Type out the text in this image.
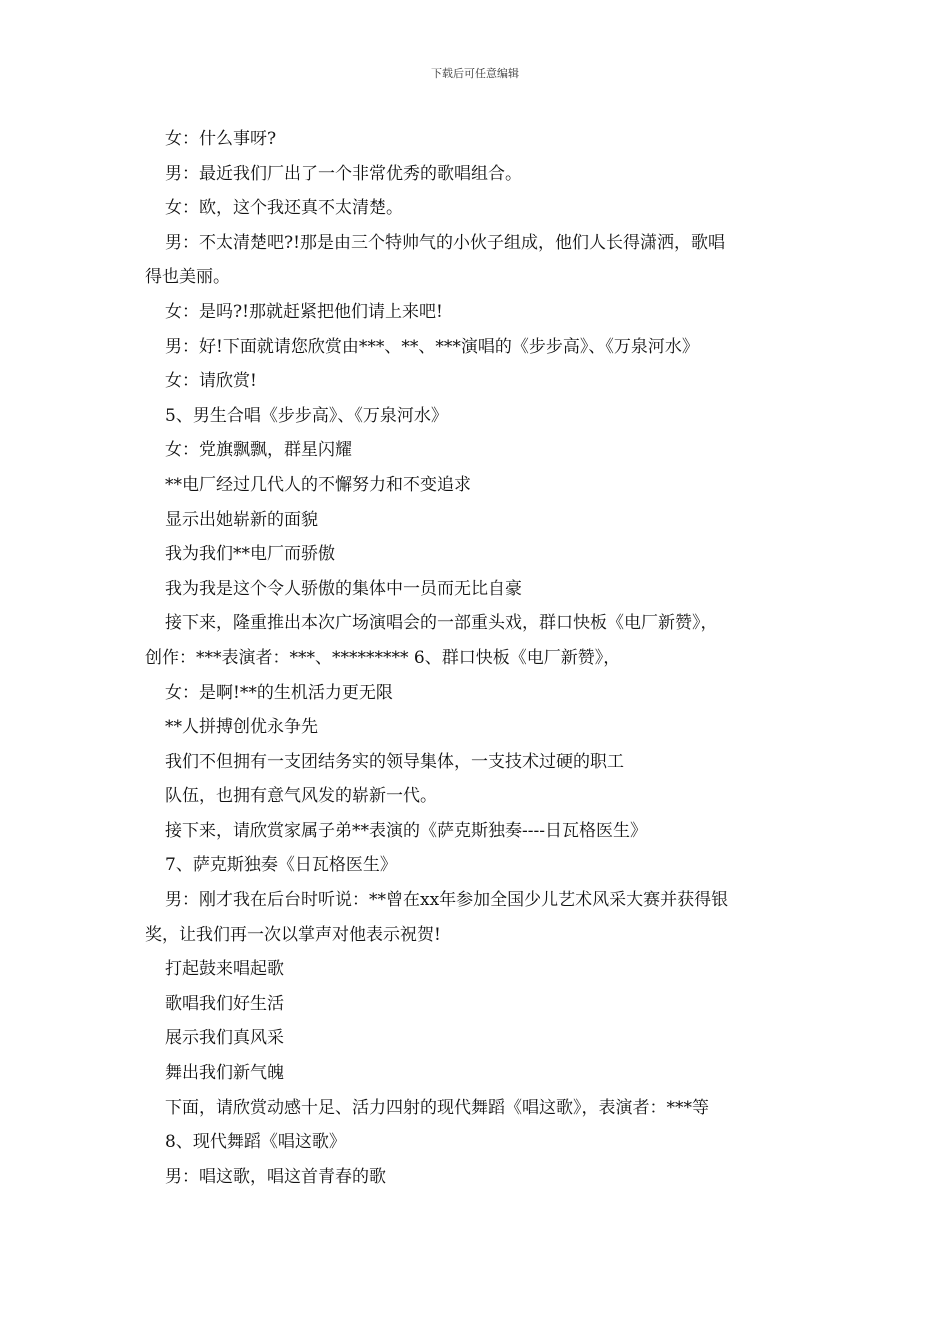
下载后可任意编辑
女：什么事呀?
男：最近我们厂出了一个非常优秀的歌唱组合。
女：欧，这个我还真不太清楚。
男：不太清楚吧?!那是由三个特帅气的小伙子组成，他们人长得潇洒，歌唱
得也美丽。
女：是吗?!那就赶紧把他们请上来吧!
男：好!下面就请您欣赏由***、**、***演唱的《步步高》、《万泉河水》
女：请欣赏!
5、男生合唱《步步高》、《万泉河水》
女：党旗飘飘，群星闪耀
**电厂经过几代人的不懈努力和不变追求
显示出她崭新的面貌
我为我们**电厂而骄傲
我为我是这个令人骄傲的集体中一员而无比自豪
接下来，隆重推出本次广场演唱会的一部重头戏，群口快板《电厂新赞》，
创作：***表演者：***、********* 6、群口快板《电厂新赞》，
女：是啊!**的生机活力更无限
**人拼搏创优永争先
我们不但拥有一支团结务实的领导集体，一支技术过硬的职工
队伍，也拥有意气风发的崭新一代。
接下来，请欣赏家属子弟**表演的《萨克斯独奏----日瓦格医生》
7、萨克斯独奏《日瓦格医生》
男：刚才我在后台时听说：**曾在xx年参加全国少儿艺术风采大赛并获得银
奖，让我们再一次以掌声对他表示祝贺!
打起鼓来唱起歌
歌唱我们好生活
展示我们真风采
舞出我们新气魄
下面，请欣赏动感十足、活力四射的现代舞蹈《唱这歌》，表演者：***等
8、现代舞蹈《唱这歌》
男：唱这歌，唱这首青春的歌
